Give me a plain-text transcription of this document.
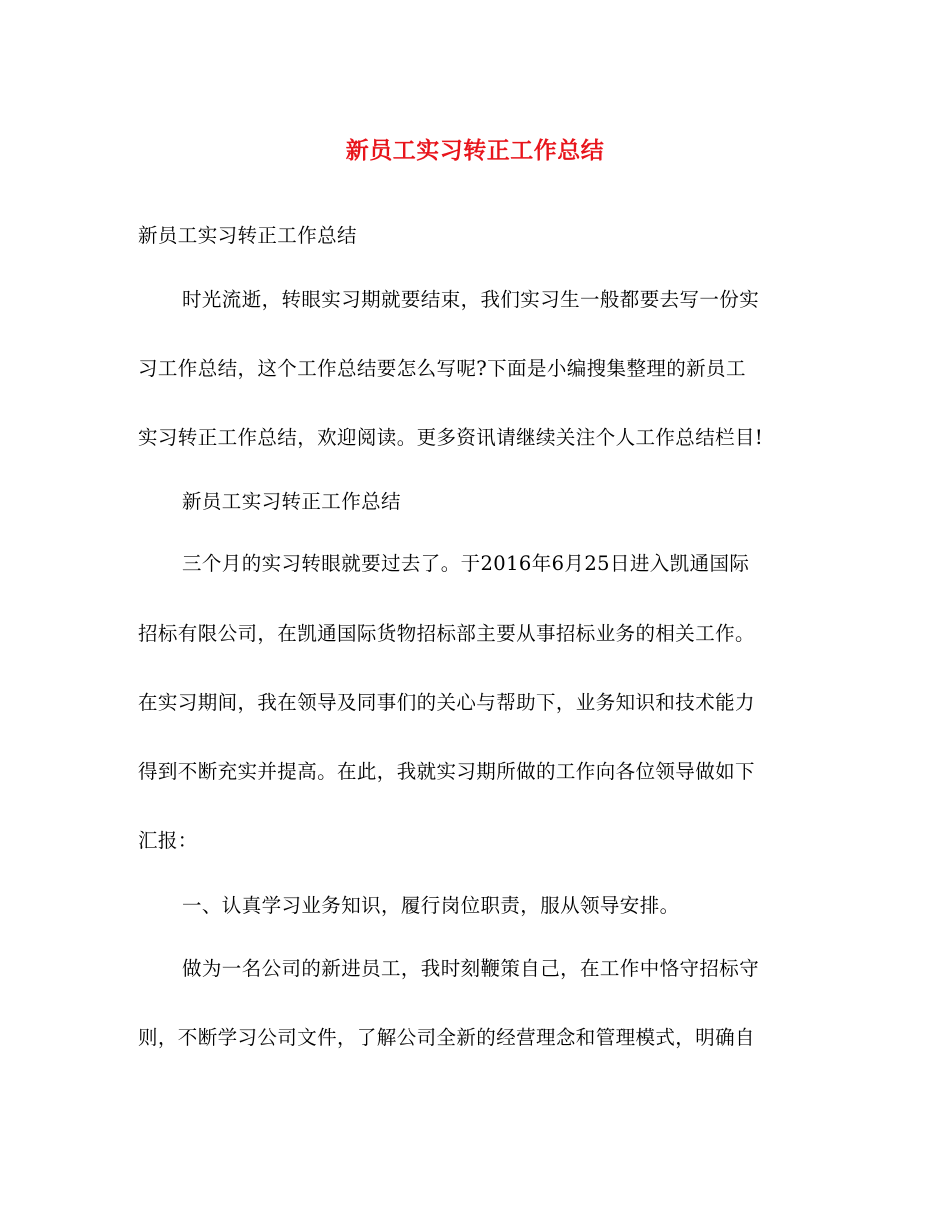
新员工实习转正工作总结
新员工实习转正工作总结
时光流逝，转眼实习期就要结束，我们实习生一般都要去写一份实
习工作总结，这个工作总结要怎么写呢?下面是小编搜集整理的新员工
实习转正工作总结，欢迎阅读。更多资讯请继续关注个人工作总结栏目!
新员工实习转正工作总结
三个月的实习转眼就要过去了。于2016年6月25日进入凯通国际
招标有限公司，在凯通国际货物招标部主要从事招标业务的相关工作。
在实习期间，我在领导及同事们的关心与帮助下，业务知识和技术能力
得到不断充实并提高。在此，我就实习期所做的工作向各位领导做如下
汇报：
一、认真学习业务知识，履行岗位职责，服从领导安排。
做为一名公司的新进员工，我时刻鞭策自己，在工作中恪守招标守
则，不断学习公司文件，了解公司全新的经营理念和管理模式，明确自
